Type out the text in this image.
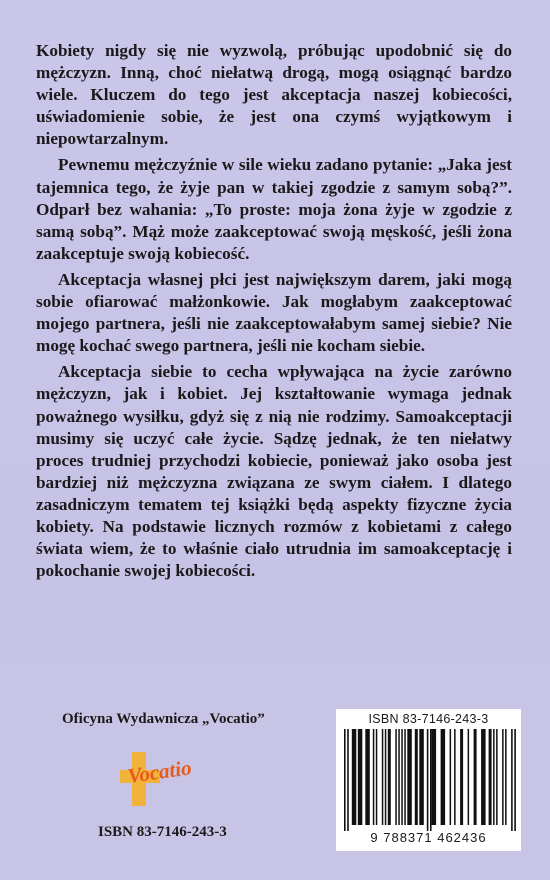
Kobiety nigdy się nie wyzwolą, próbując upodobnić się do mężczyzn. Inną, choć niełatwą drogą, mogą osiągnąć bardzo wiele. Kluczem do tego jest akceptacja naszej kobiecości, uświadomienie sobie, że jest ona czymś wyjątkowym i niepowtarzalnym.

Pewnemu mężczyźnie w sile wieku zadano pytanie: „Jaka jest tajemnica tego, że żyje pan w takiej zgodzie z samym sobą?”. Odparł bez wahania: „To proste: moja żona żyje w zgodzie z samą sobą”. Mąż może zaakceptować swoją męskość, jeśli żona zaakceptuje swoją kobiecość.

Akceptacja własnej płci jest największym darem, jaki mogą sobie ofiarować małżonkowie. Jak mogłabym zaakceptować mojego partnera, jeśli nie zaakceptowałabym samej siebie? Nie mogę kochać swego partnera, jeśli nie kocham siebie.

Akceptacja siebie to cecha wpływająca na życie zarówno mężczyzn, jak i kobiet. Jej kształtowanie wymaga jednak poważnego wysiłku, gdyż się z nią nie rodzimy. Samoakceptacji musimy się uczyć całe życie. Sądzę jednak, że ten niełatwy proces trudniej przychodzi kobiecie, ponieważ jako osoba jest bardziej niż mężczyzna związana ze swym ciałem. I dlatego zasadniczym tematem tej książki będą aspekty fizyczne życia kobiety. Na podstawie licznych rozmów z kobietami z całego świata wiem, że to właśnie ciało utrudnia im samoakceptację i pokochanie swojej kobiecości.

Oficyna Wydawnicza „Vocatio”
Vocatio
ISBN 83-7146-243-3
ISBN 83-7146-243-3
9 788371 462436
